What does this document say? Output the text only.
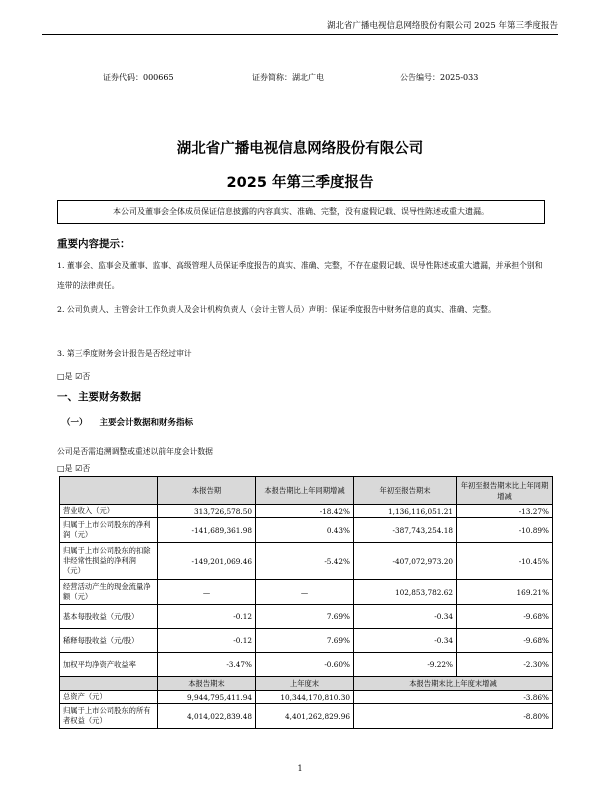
湖北省广播电视信息网络股份有限公司 2025 年第三季度报告
证券代码：000665	证券简称：湖北广电	公告编号：2025-033
湖北省广播电视信息网络股份有限公司
2025 年第三季度报告
本公司及董事会全体成员保证信息披露的内容真实、准确、完整，没有虚假记载、误导性陈述或重大遗漏。
重要内容提示：
1. 董事会、监事会及董事、监事、高级管理人员保证季度报告的真实、准确、完整，不存在虚假记载、误导性陈述或重大遗漏，并承担个别和连带的法律责任。
2. 公司负责人、主管会计工作负责人及会计机构负责人（会计主管人员）声明：保证季度报告中财务信息的真实、准确、完整。
3. 第三季度财务会计报告是否经过审计
□是 ☑否
一、主要财务数据
（一） 主要会计数据和财务指标
公司是否需追溯调整或重述以前年度会计数据
□是 ☑否
	本报告期	本报告期比上年同期增减	年初至报告期末	年初至报告期末比上年同期增减
营业收入（元）	313,726,578.50	-18.42%	1,136,116,051.21	-13.27%
归属于上市公司股东的净利润（元）	-141,689,361.98	0.43%	-387,743,254.18	-10.89%
归属于上市公司股东的扣除非经常性损益的净利润（元）	-149,201,069.46	-5.42%	-407,072,973.20	-10.45%
经营活动产生的现金流量净额（元）	—	—	102,853,782.62	169.21%
基本每股收益（元/股）	-0.12	7.69%	-0.34	-9.68%
稀释每股收益（元/股）	-0.12	7.69%	-0.34	-9.68%
加权平均净资产收益率	-3.47%	-0.60%	-9.22%	-2.30%
	本报告期末	上年度末	本报告期末比上年度末增减	
总资产（元）	9,944,795,411.94	10,344,170,810.30	-3.86%	
归属于上市公司股东的所有者权益（元）	4,014,022,839.48	4,401,262,829.96	-8.80%	
1
